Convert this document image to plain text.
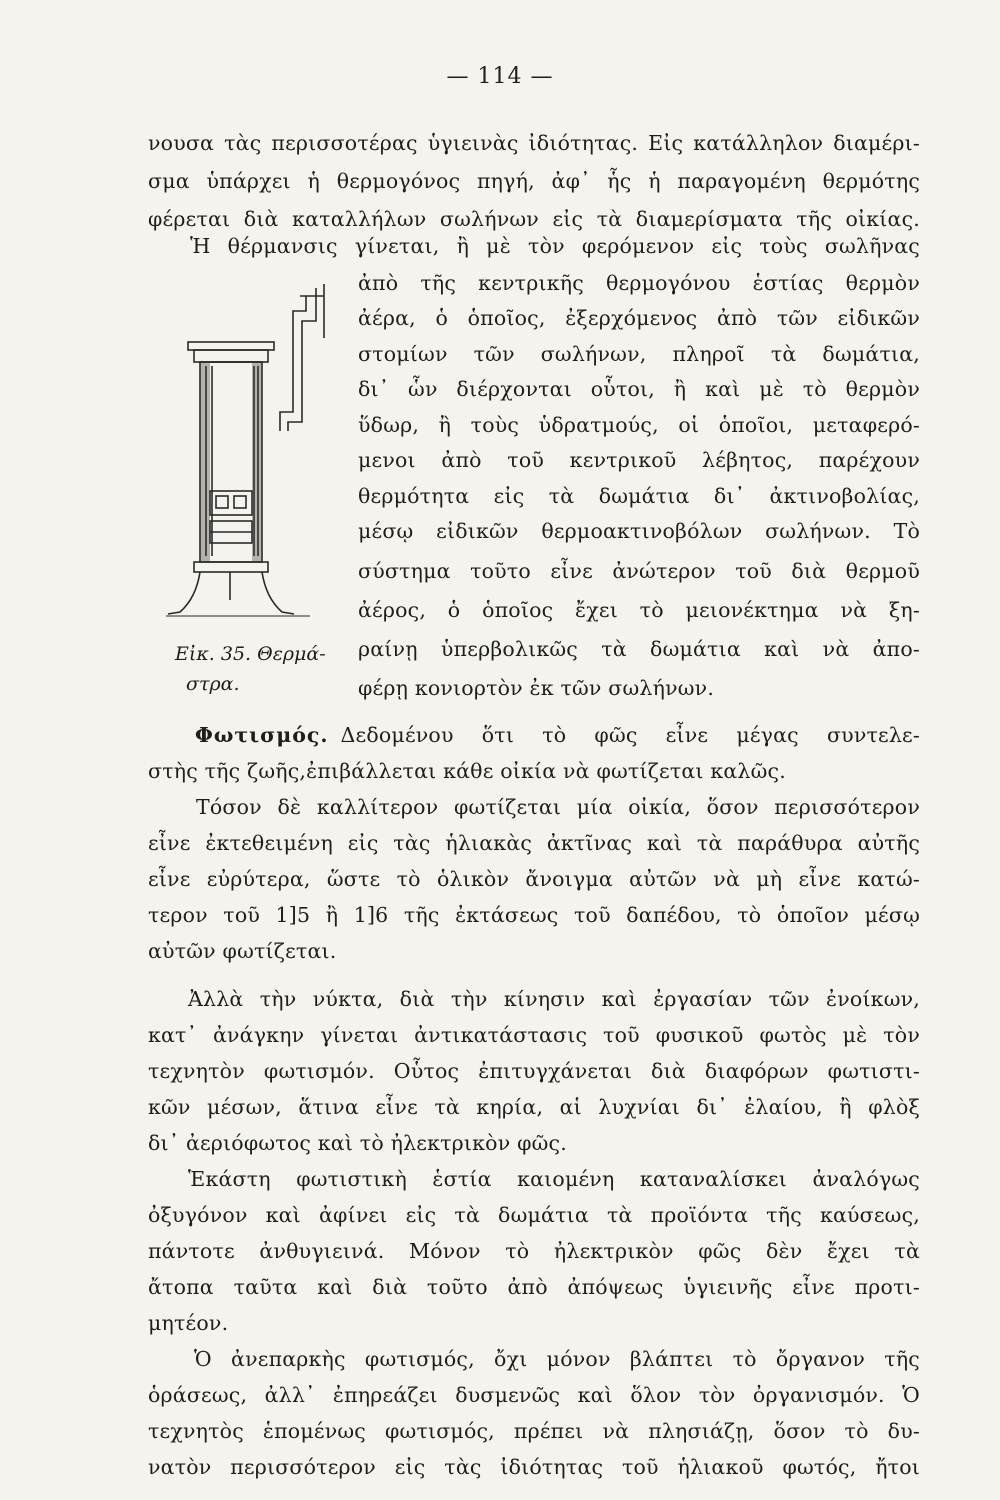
— 114 —
νουσα τὰς περισσοτέρας ὑγιεινὰς ἰδιότητας. Εἰς κατάλληλον διαμέρι-
σμα ὑπάρχει ἡ θερμογόνος πηγή, ἀφ᾽ ἧς ἡ παραγομένη θερμότης
φέρεται διὰ καταλλήλων σωλήνων εἰς τὰ διαμερίσματα τῆς οἰκίας.
Ἡ θέρμανσις γίνεται, ἢ μὲ τὸν φερόμενον εἰς τοὺς σωλῆνας
ἀπὸ τῆς κεντρικῆς θερμογόνου ἑστίας θερμὸν
ἀέρα, ὁ ὁποῖος, ἐξερχόμενος ἀπὸ τῶν εἰδικῶν
στομίων τῶν σωλήνων, πληροῖ τὰ δωμάτια,
δι᾽ ὧν διέρχονται οὗτοι, ἢ καὶ μὲ τὸ θερμὸν
ὕδωρ, ἢ τοὺς ὑδρατμούς, οἱ ὁποῖοι, μεταφερό-
μενοι ἀπὸ τοῦ κεντρικοῦ λέβητος, παρέχουν
θερμότητα εἰς τὰ δωμάτια δι᾽ ἀκτινοβολίας,
μέσῳ εἰδικῶν θερμοακτινοβόλων σωλήνων. Τὸ
σύστημα τοῦτο εἶνε ἀνώτερον τοῦ διὰ θερμοῦ
ἀέρος, ὁ ὁποῖος ἔχει τὸ μειονέκτημα νὰ ξη-
ραίνῃ ὑπερβολικῶς τὰ δωμάτια καὶ νὰ ἀπο-
φέρῃ κονιορτὸν ἐκ τῶν σωλήνων.
Εἰκ. 35. Θερμά-
στρα.
Φωτισμός. Δεδομένου ὅτι τὸ φῶς εἶνε μέγας συντελε-
στὴς τῆς ζωῆς,ἐπιβάλλεται κάθε οἰκία νὰ φωτίζεται καλῶς.
Τόσον δὲ καλλίτερον φωτίζεται μία οἰκία, ὅσον περισσότερον
εἶνε ἐκτεθειμένη εἰς τὰς ἡλιακὰς ἀκτῖνας καὶ τὰ παράθυρα αὐτῆς
εἶνε εὐρύτερα, ὥστε τὸ ὁλικὸν ἄνοιγμα αὐτῶν νὰ μὴ εἶνε κατώ-
τερον τοῦ 1]5 ἢ 1]6 τῆς ἐκτάσεως τοῦ δαπέδου, τὸ ὁποῖον μέσῳ
αὐτῶν φωτίζεται.
Ἀλλὰ τὴν νύκτα, διὰ τὴν κίνησιν καὶ ἐργασίαν τῶν ἐνοίκων,
κατ᾽ ἀνάγκην γίνεται ἀντικατάστασις τοῦ φυσικοῦ φωτὸς μὲ τὸν
τεχνητὸν φωτισμόν. Οὗτος ἐπιτυγχάνεται διὰ διαφόρων φωτιστι-
κῶν μέσων, ἅτινα εἶνε τὰ κηρία, αἱ λυχνίαι δι᾽ ἐλαίου, ἢ φλὸξ
δι᾽ ἀεριόφωτος καὶ τὸ ἠλεκτρικὸν φῶς.
Ἑκάστη φωτιστικὴ ἑστία καιομένη καταναλίσκει ἀναλόγως
ὀξυγόνον καὶ ἀφίνει εἰς τὰ δωμάτια τὰ προϊόντα τῆς καύσεως,
πάντοτε ἀνθυγιεινά. Μόνον τὸ ἠλεκτρικὸν φῶς δὲν ἔχει τὰ
ἄτοπα ταῦτα καὶ διὰ τοῦτο ἀπὸ ἀπόψεως ὑγιεινῆς εἶνε προτι-
μητέον.
Ὁ ἀνεπαρκὴς φωτισμός, ὄχι μόνον βλάπτει τὸ ὄργανον τῆς
ὁράσεως, ἀλλ᾽ ἐπηρεάζει δυσμενῶς καὶ ὅλον τὸν ὀργανισμόν. Ὁ
τεχνητὸς ἑπομένως φωτισμός, πρέπει νὰ πλησιάζῃ, ὅσον τὸ δυ-
νατὸν περισσότερον εἰς τὰς ἰδιότητας τοῦ ἡλιακοῦ φωτός, ἤτοι
